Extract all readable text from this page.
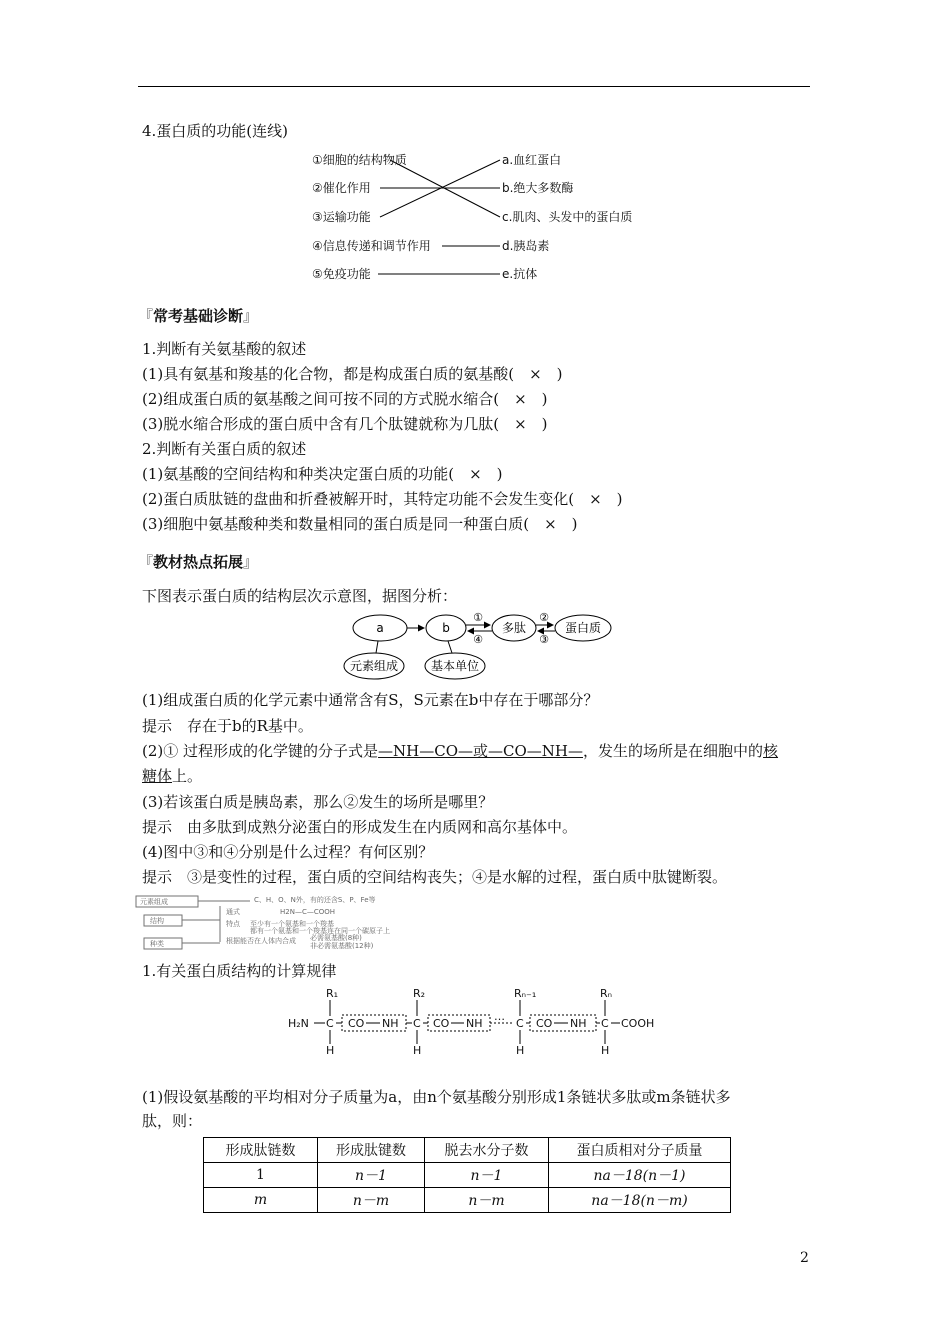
4.蛋白质的功能(连线)
①细胞的结构物质
②催化作用
③运输功能
④信息传递和调节作用
⑤免疫功能
a.血红蛋白
b.绝大多数酶
c.肌肉、头发中的蛋白质
d.胰岛素
e.抗体
『常考基础诊断』
1.判断有关氨基酸的叙述
(1)具有氨基和羧基的化合物，都是构成蛋白质的氨基酸(　×　)
(2)组成蛋白质的氨基酸之间可按不同的方式脱水缩合(　×　)
(3)脱水缩合形成的蛋白质中含有几个肽键就称为几肽(　×　)
2.判断有关蛋白质的叙述
(1)氨基酸的空间结构和种类决定蛋白质的功能(　×　)
(2)蛋白质肽链的盘曲和折叠被解开时，其特定功能不会发生变化(　×　)
(3)细胞中氨基酸种类和数量相同的蛋白质是同一种蛋白质(　×　)
『教材热点拓展』
下图表示蛋白质的结构层次示意图，据图分析：
a	b	多肽	蛋白质
元素组成	基本单位
①
④
②
③
(1)组成蛋白质的化学元素中通常含有S，S元素在b中存在于哪部分？
提示　存在于b的R基中。
(2)① 过程形成的化学键的分子式是—NH—CO—或—CO—NH—，发生的场所是在细胞中的核
糖体上。
(3)若该蛋白质是胰岛素，那么②发生的场所是哪里？
提示　由多肽到成熟分泌蛋白的形成发生在内质网和高尔基体中。
(4)图中③和④分别是什么过程？有何区别？
提示　③是变性的过程，蛋白质的空间结构丧失；④是水解的过程，蛋白质中肽键断裂。
元素组成
结构
种类
C、H、O、N外，有的还含S、P、Fe等
通式	H2N—C—COOH
特点 至少有一个氨基和一个羧基
都有一个氨基和一个羧基连在同一个碳原子上
根据能否在人体内合成 必需氨基酸(8种)
非必需氨基酸(12种)
1.有关蛋白质结构的计算规律
H₂N C
R₁
H
CO NH C
R₂
H
CO NH
…
C
Rₙ₋₁
H
CO NH C
Rₙ
H
COOH
(1)假设氨基酸的平均相对分子质量为a，由n个氨基酸分别形成1条链状多肽或m条链状多
肽，则：
形成肽链数	形成肽键数	脱去水分子数	蛋白质相对分子质量
1	n－1	n－1	na－18(n－1)
m	n－m	n－m	na－18(n－m)
2
